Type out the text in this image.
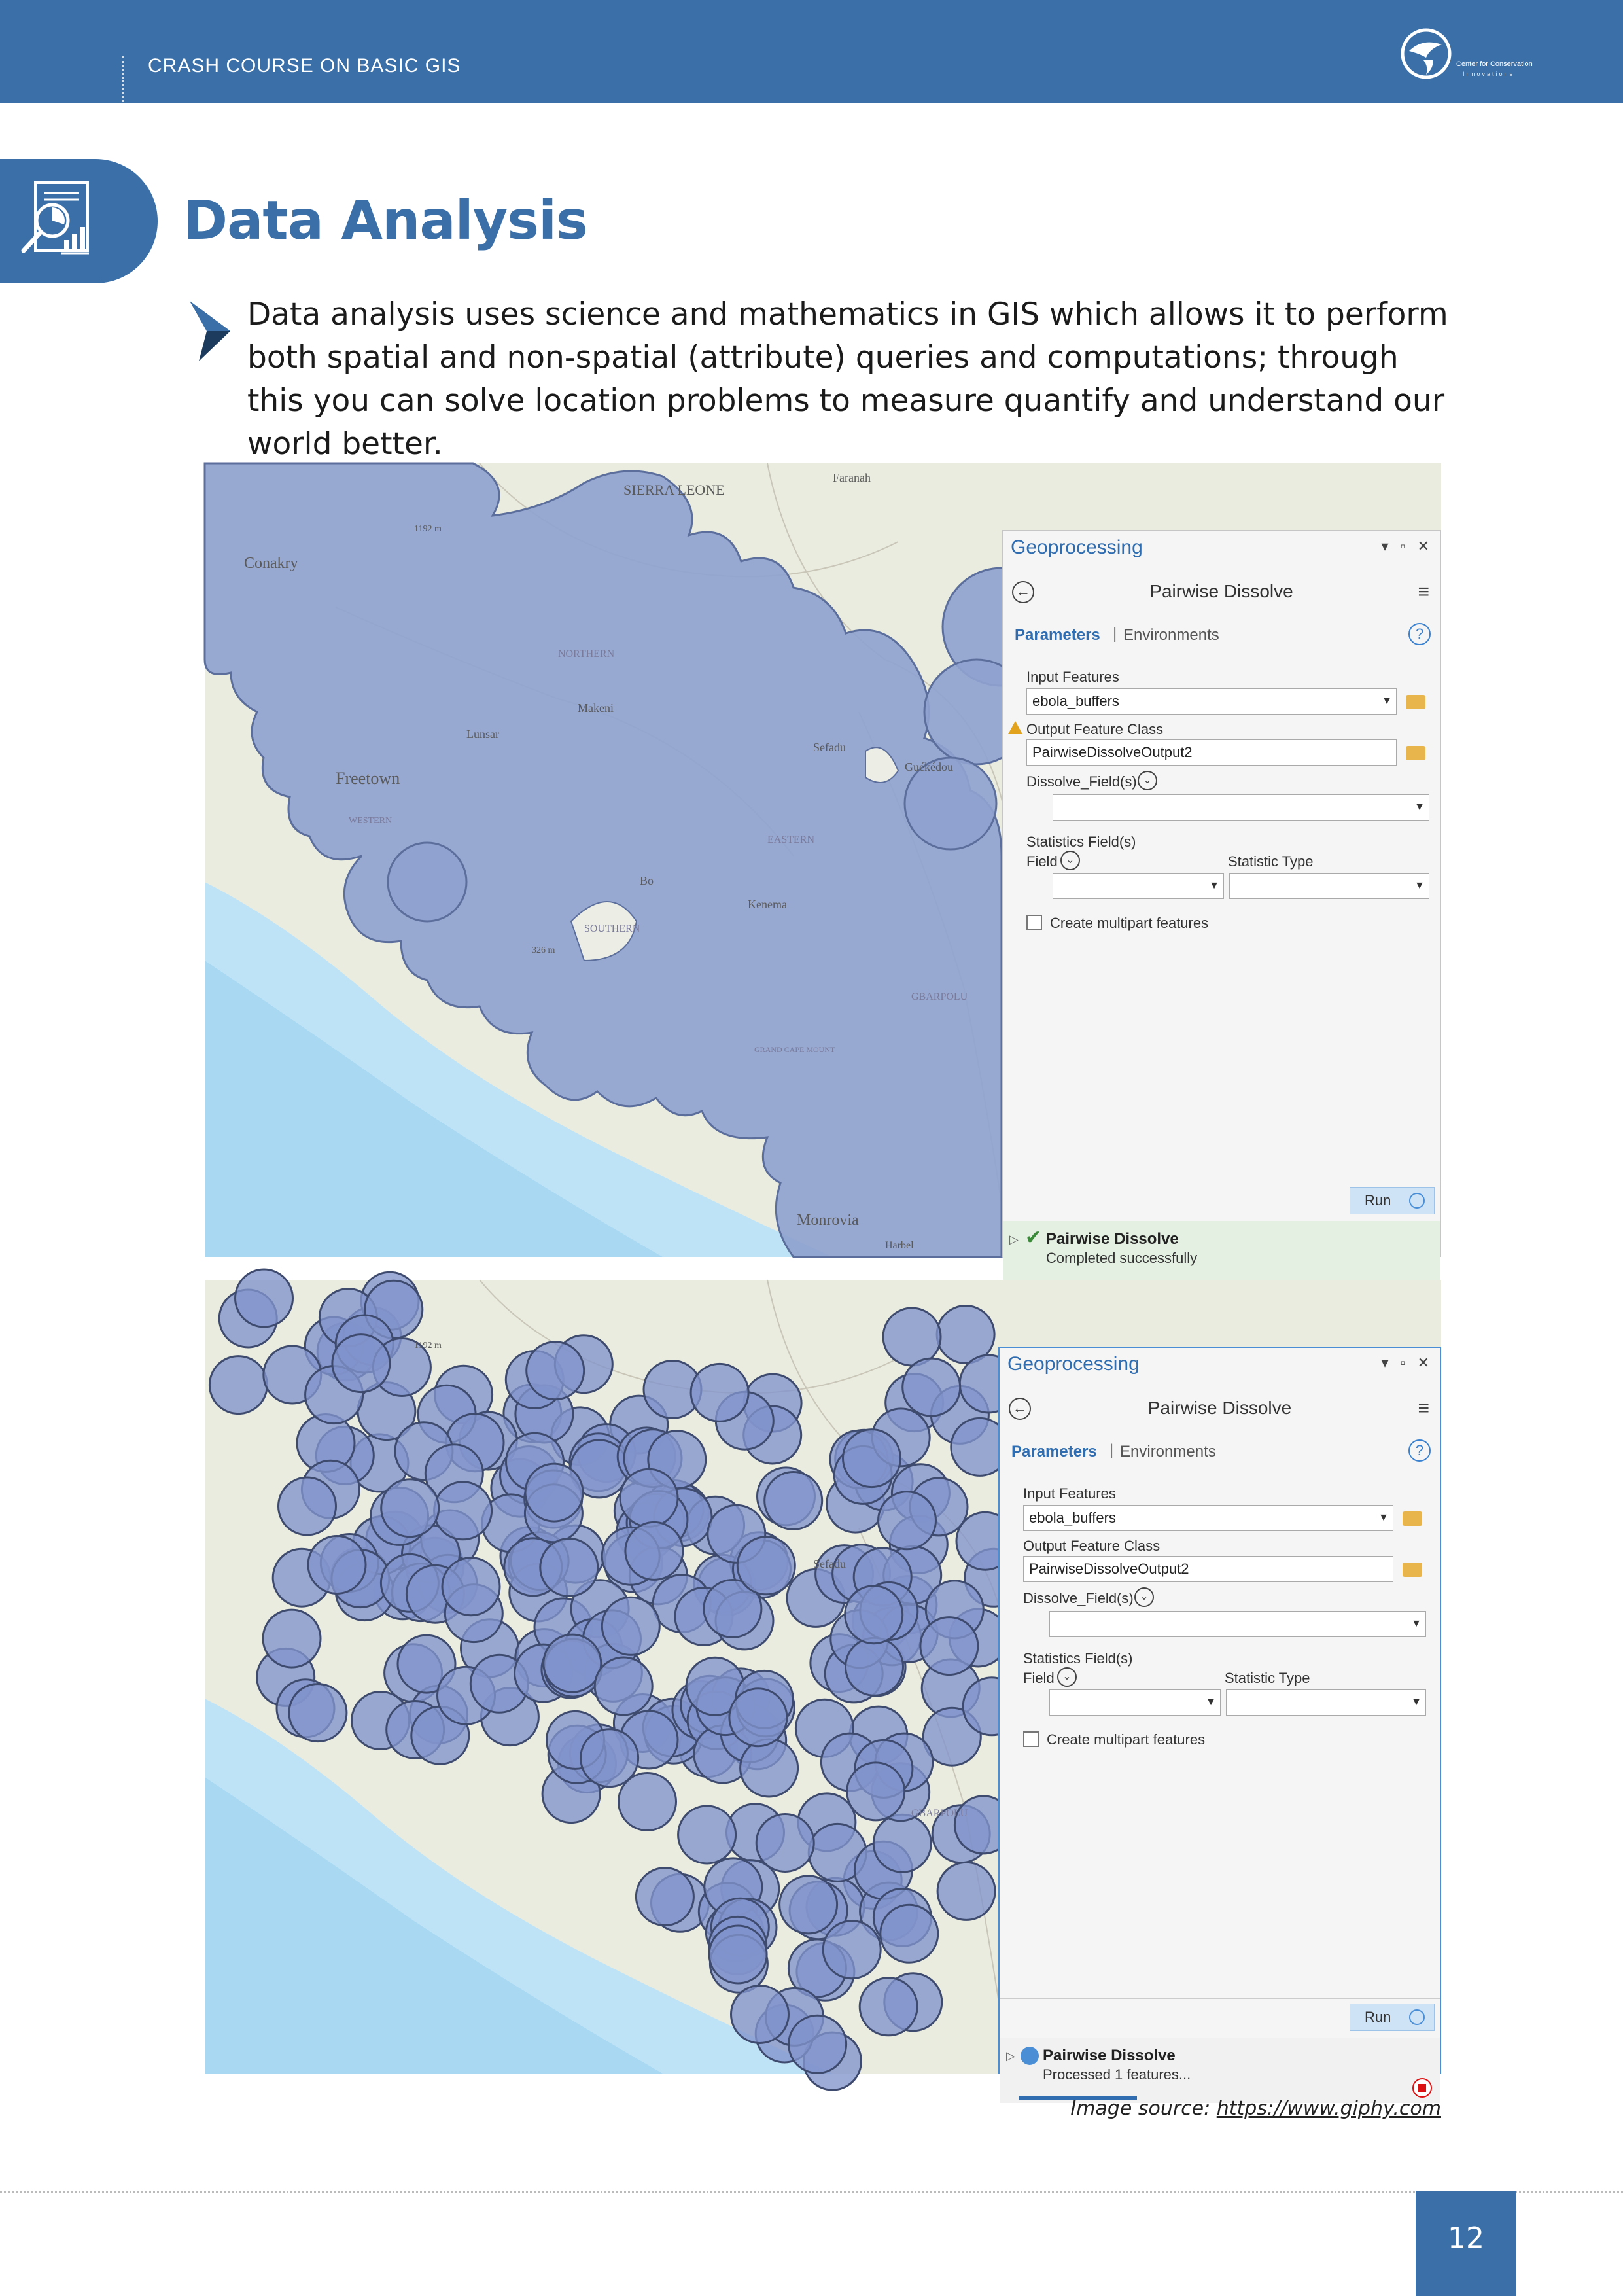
CRASH COURSE ON BASIC GIS	Center for Conservation
Innovations
Data Analysis

Data analysis uses science and mathematics in GIS which allows it to perform both spatial and non-spatial (attribute) queries and computations; through this you can solve location problems to measure quantify and understand our world better.

SIERRA LEONE
Conakry
Freetown
Lunsar
Makeni
NORTHERN
Faranah
Sefadu
Guékédou
Kenema
Bo
EASTERN
SOUTHERN
WESTERN
Monrovia
Harbel
1192 m
326 m
GBARPOLU
GRAND CAPE MOUNT
Geoprocessing	▾ ▫ ✕
←	Pairwise Dissolve	≡
Parameters | Environments	?
Input Features
ebola_buffers	▼
Output Feature Class
PairwiseDissolveOutput2
Dissolve_Field(s) ⌄
▼
Statistics Field(s)
Field ⌄	Statistic Type
▼	▼
Create multipart features
Run
▷ ✔ Pairwise Dissolve
Completed successfully
1192 m
Sefadu
GBARPOLU
Geoprocessing	▾ ▫ ✕
←	Pairwise Dissolve	≡
Parameters | Environments	?
Input Features
ebola_buffers	▼
Output Feature Class
PairwiseDissolveOutput2
Dissolve_Field(s) ⌄
▼
Statistics Field(s)
Field ⌄	Statistic Type
▼	▼
Create multipart features
Run
▷ Pairwise Dissolve
Processed 1 features...

Image source: https://www.giphy.com

12
